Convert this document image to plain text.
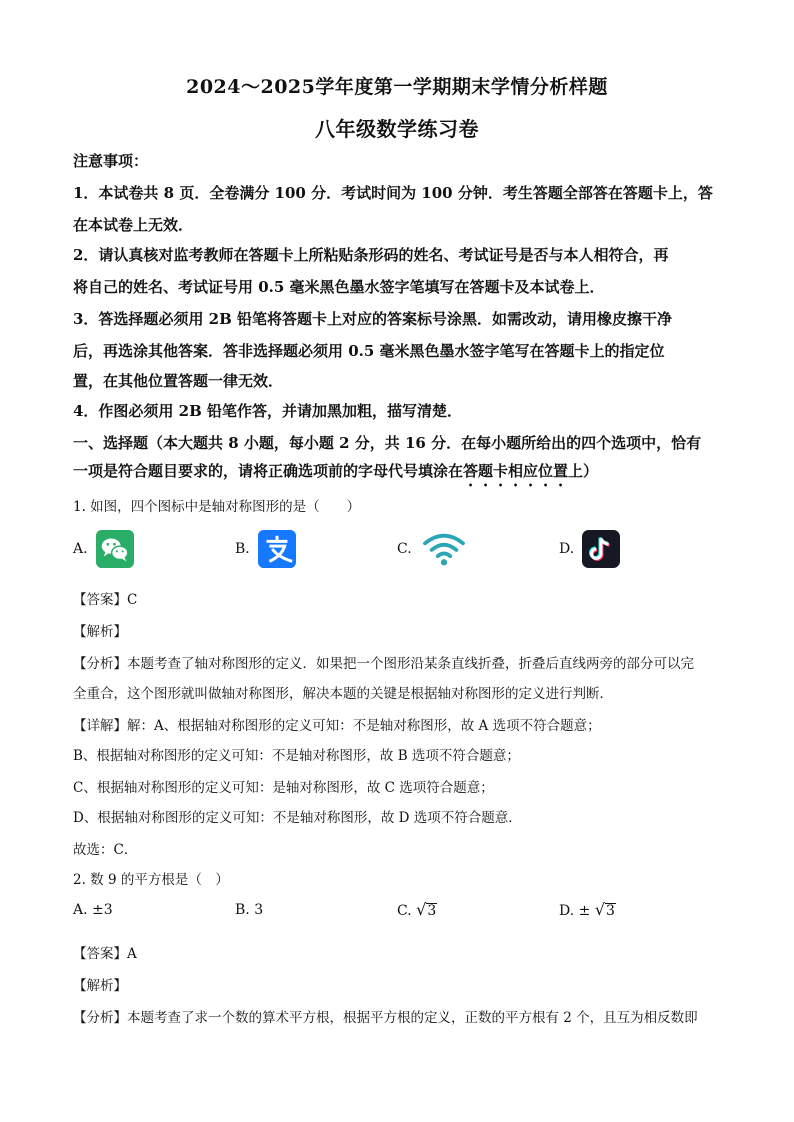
2024～2025学年度第一学期期末学情分析样题
八年级数学练习卷
注意事项：
1．本试卷共 8 页．全卷满分 100 分．考试时间为 100 分钟．考生答题全部答在答题卡上，答
在本试卷上无效．
2．请认真核对监考教师在答题卡上所粘贴条形码的姓名、考试证号是否与本人相符合，再
将自己的姓名、考试证号用 0.5 毫米黑色墨水签字笔填写在答题卡及本试卷上．
3．答选择题必须用 2B 铅笔将答题卡上对应的答案标号涂黑．如需改动，请用橡皮擦干净
后，再选涂其他答案．答非选择题必须用 0.5 毫米黑色墨水签字笔写在答题卡上的指定位
置，在其他位置答题一律无效．
4．作图必须用 2B 铅笔作答，并请加黑加粗，描写清楚．
一、选择题（本大题共 8 小题，每小题 2 分，共 16 分．在每小题所给出的四个选项中，恰有
一项是符合题目要求的，请将正确选项前的字母代号填涂在答题卡相应位置上）
1. 如图，四个图标中是轴对称图形的是（　　）
A.	B.	C.	D.
【答案】C
【解析】
【分析】本题考查了轴对称图形的定义．如果把一个图形沿某条直线折叠，折叠后直线两旁的部分可以完
全重合，这个图形就叫做轴对称图形，解决本题的关键是根据轴对称图形的定义进行判断．
【详解】解：A、根据轴对称图形的定义可知：不是轴对称图形，故 A 选项不符合题意；
B、根据轴对称图形的定义可知：不是轴对称图形，故 B 选项不符合题意；
C、根据轴对称图形的定义可知：是轴对称图形，故 C 选项符合题意；
D、根据轴对称图形的定义可知：不是轴对称图形，故 D 选项不符合题意．
故选：C．
2. 数 9 的平方根是（　）
A. ±3	B. 3	C. √ 3	D. ± √ 3
【答案】A
【解析】
【分析】本题考查了求一个数的算术平方根，根据平方根的定义，正数的平方根有 2 个，且互为相反数即
